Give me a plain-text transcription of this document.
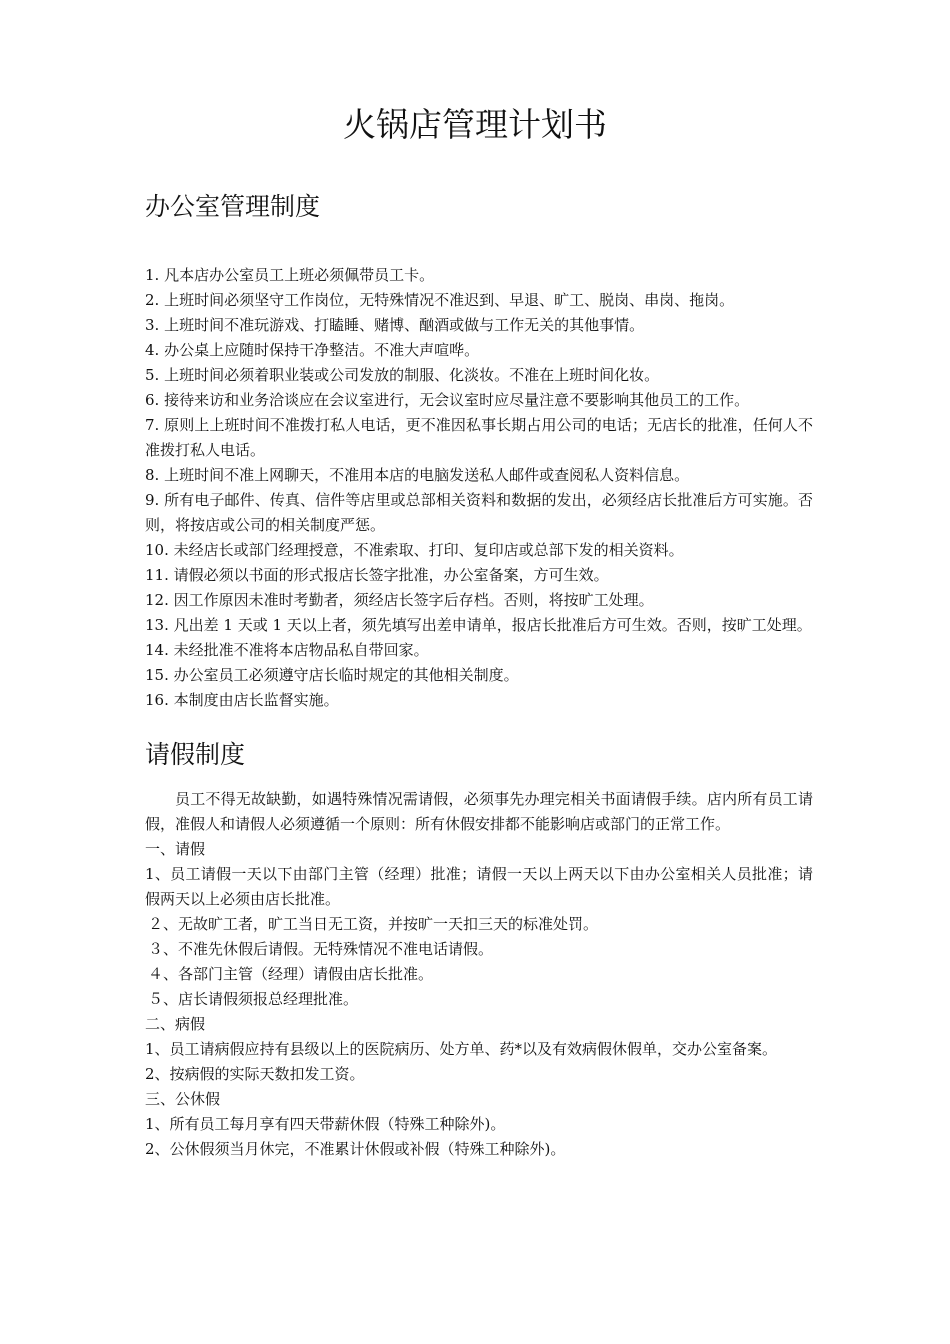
火锅店管理计划书
办公室管理制度
1. 凡本店办公室员工上班必须佩带员工卡。
2. 上班时间必须坚守工作岗位，无特殊情况不准迟到、早退、旷工、脱岗、串岗、拖岗。
3. 上班时间不准玩游戏、打瞌睡、赌博、酗酒或做与工作无关的其他事情。
4. 办公桌上应随时保持干净整洁。不准大声喧哗。
5. 上班时间必须着职业装或公司发放的制服、化淡妆。不准在上班时间化妆。
6. 接待来访和业务洽谈应在会议室进行，无会议室时应尽量注意不要影响其他员工的工作。
7. 原则上上班时间不准拨打私人电话，更不准因私事长期占用公司的电话；无店长的批准，任何人不准拨打私人电话。
8. 上班时间不准上网聊天，不准用本店的电脑发送私人邮件或查阅私人资料信息。
9. 所有电子邮件、传真、信件等店里或总部相关资料和数据的发出，必须经店长批准后方可实施。否则，将按店或公司的相关制度严惩。
10. 未经店长或部门经理授意，不准索取、打印、复印店或总部下发的相关资料。
11. 请假必须以书面的形式报店长签字批准，办公室备案，方可生效。
12. 因工作原因未准时考勤者，须经店长签字后存档。否则，将按旷工处理。
13. 凡出差 1 天或 1 天以上者，须先填写出差申请单，报店长批准后方可生效。否则，按旷工处理。
14. 未经批准不准将本店物品私自带回家。
15. 办公室员工必须遵守店长临时规定的其他相关制度。
16. 本制度由店长监督实施。
请假制度

员工不得无故缺勤，如遇特殊情况需请假，必须事先办理完相关书面请假手续。店内所有员工请假，准假人和请假人必须遵循一个原则：所有休假安排都不能影响店或部门的正常工作。

一、请假

1、员工请假一天以下由部门主管（经理）批准；请假一天以上两天以下由办公室相关人员批准；请假两天以上必须由店长批准。

２、无故旷工者，旷工当日无工资，并按旷一天扣三天的标准处罚。

３、不准先休假后请假。无特殊情况不准电话请假。

４、各部门主管（经理）请假由店长批准。

５、店长请假须报总经理批准。

二、病假

1、员工请病假应持有县级以上的医院病历、处方单、药*以及有效病假休假单，交办公室备案。

2、按病假的实际天数扣发工资。

三、公休假

1、所有员工每月享有四天带薪休假（特殊工种除外)。

2、公休假须当月休完，不准累计休假或补假（特殊工种除外)。
